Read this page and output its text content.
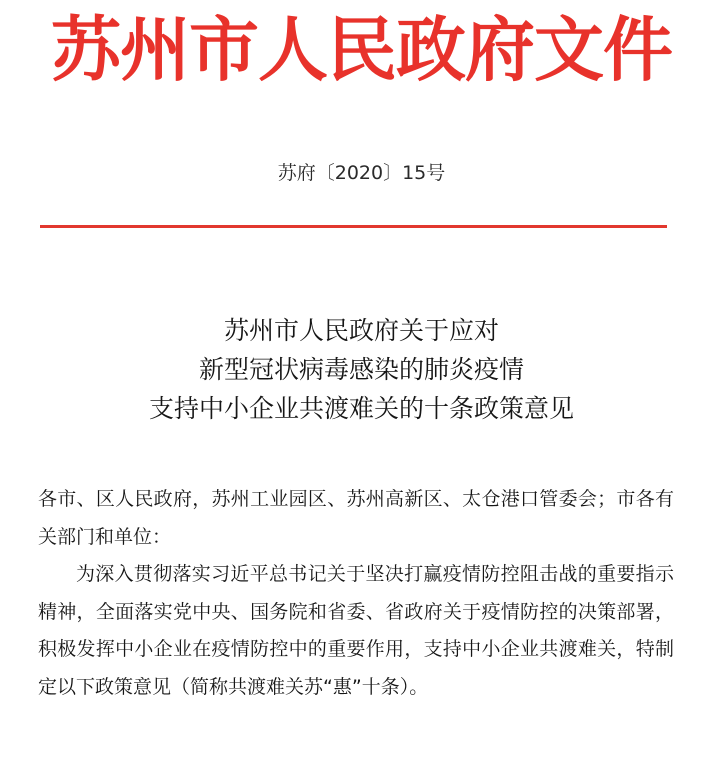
苏州市人民政府文件
苏府〔2020〕15号
苏州市人民政府关于应对
新型冠状病毒感染的肺炎疫情
支持中小企业共渡难关的十条政策意见

各市、区人民政府，苏州工业园区、苏州高新区、太仓港口管委会；市各有关部门和单位：

为深入贯彻落实习近平总书记关于坚决打赢疫情防控阻击战的重要指示精神，全面落实党中央、国务院和省委、省政府关于疫情防控的决策部署，积极发挥中小企业在疫情防控中的重要作用，支持中小企业共渡难关，特制定以下政策意见（简称共渡难关苏“惠”十条）。
